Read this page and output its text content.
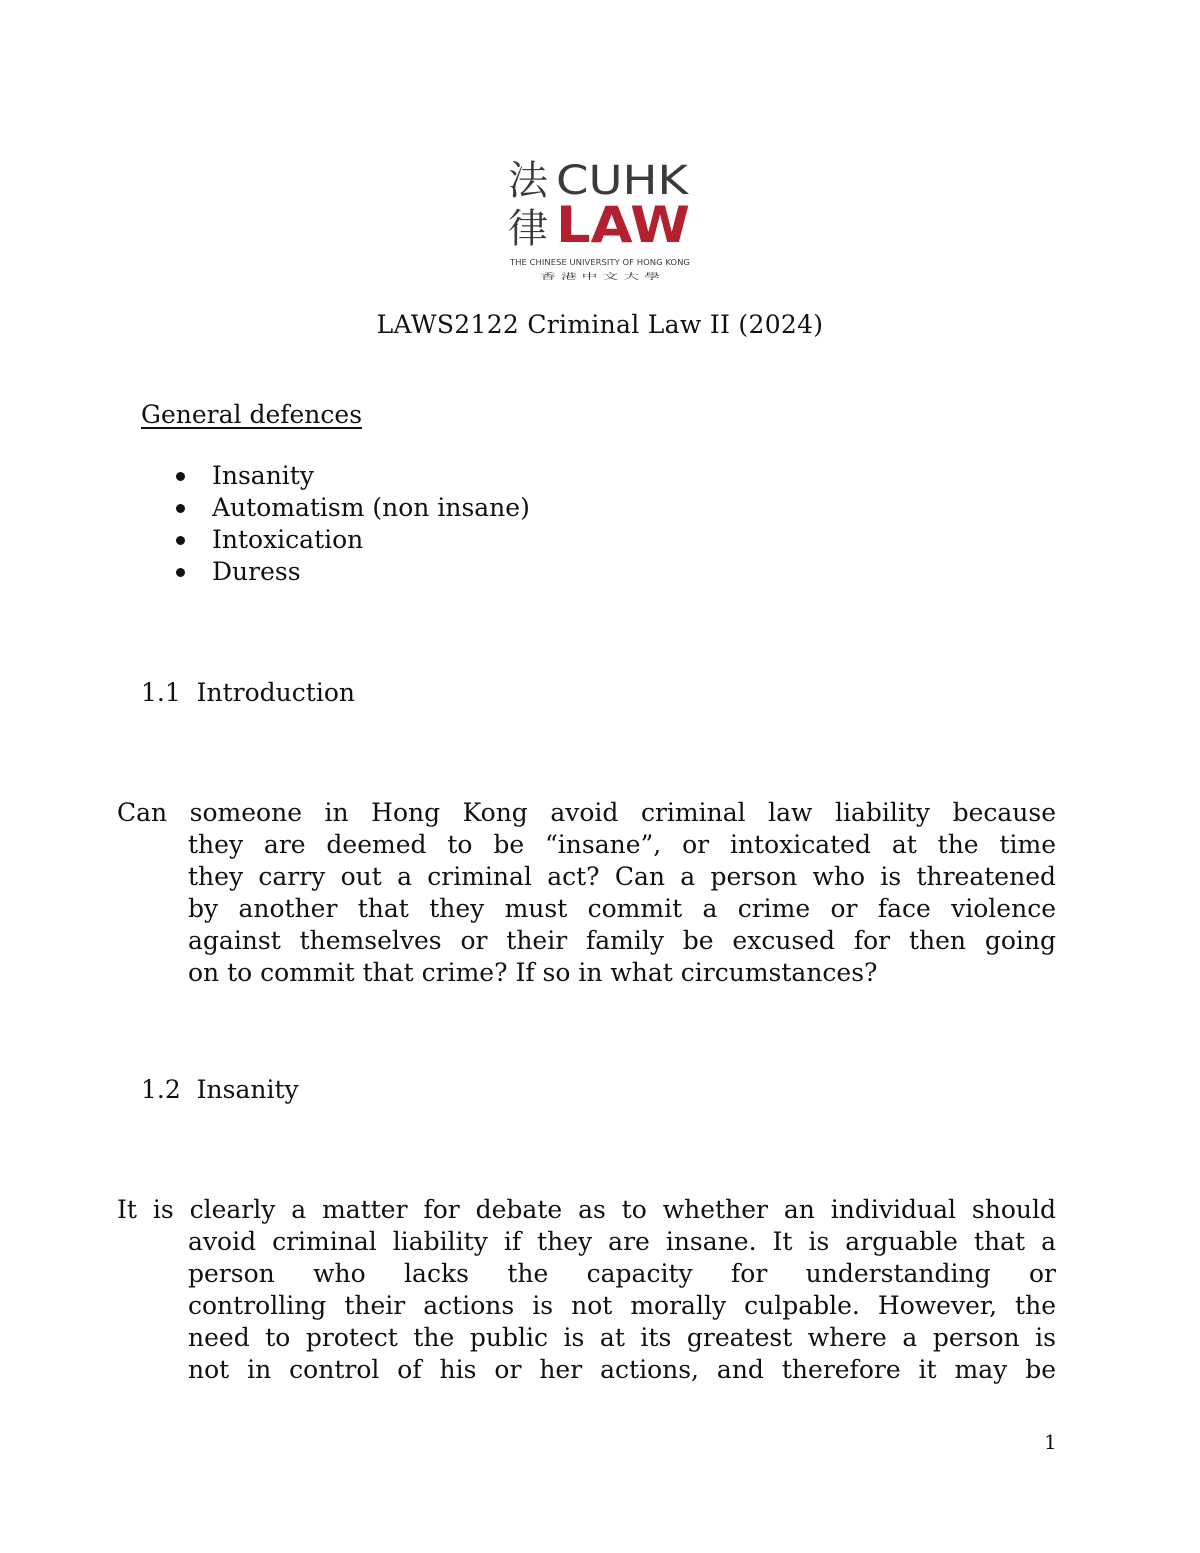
法律
CUHK
LAW
THE CHINESE UNIVERSITY OF HONG KONG
香 港 中 文 大 學
LAWS2122 Criminal Law II (2024)
General defences
Insanity
Automatism (non insane)
Intoxication
Duress
1.1  Introduction
Can someone in Hong Kong avoid criminal law liability because
they are deemed to be “insane”, or intoxicated at the time
they carry out a criminal act? Can a person who is threatened
by another that they must commit a crime or face violence
against themselves or their family be excused for then going
on to commit that crime? If so in what circumstances?
1.2  Insanity
It is clearly a matter for debate as to whether an individual should
avoid criminal liability if they are insane. It is arguable that a
person who lacks the capacity for understanding or
controlling their actions is not morally culpable. However, the
need to protect the public is at its greatest where a person is
not in control of his or her actions, and therefore it may be
1
